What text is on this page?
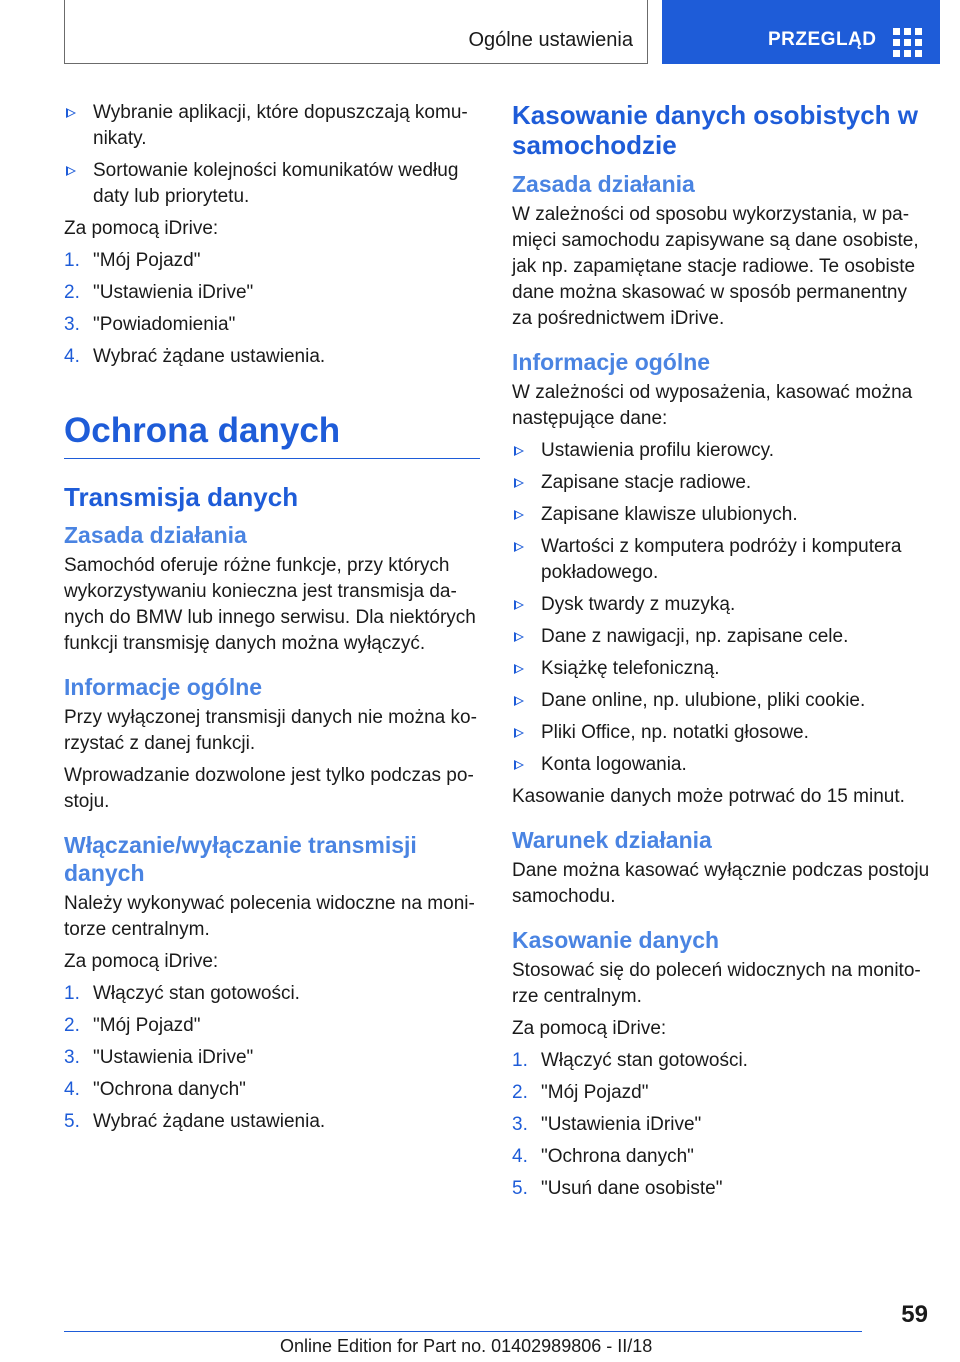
Ogólne ustawienia	PRZEGLĄD
Wybranie aplikacji, które dopuszczają komunikaty.
Sortowanie kolejności komunikatów według daty lub priorytetu.

Za pomocą iDrive:

1. "Mój Pojazd"
2. "Ustawienia iDrive"
3. "Powiadomienia"
4. Wybrać żądane ustawienia.
Ochrona danych
Transmisja danych
Zasada działania

Samochód oferuje różne funkcje, przy których wykorzystywaniu konieczna jest transmisja danych do BMW lub innego serwisu. Dla niektórych funkcji transmisję danych można wyłączyć.

Informacje ogólne

Przy wyłączonej transmisji danych nie można korzystać z danej funkcji.

Wprowadzanie dozwolone jest tylko podczas postoju.

Włączanie/wyłączanie transmisji danych

Należy wykonywać polecenia widoczne na monitorze centralnym.

Za pomocą iDrive:

1. Włączyć stan gotowości.
2. "Mój Pojazd"
3. "Ustawienia iDrive"
4. "Ochrona danych"
5. Wybrać żądane ustawienia.
Kasowanie danych osobistych w samochodzie
Zasada działania

W zależności od sposobu wykorzystania, w pamięci samochodu zapisywane są dane osobiste, jak np. zapamiętane stacje radiowe. Te osobiste dane można skasować w sposób permanentny za pośrednictwem iDrive.

Informacje ogólne

W zależności od wyposażenia, kasować można następujące dane:

Ustawienia profilu kierowcy.
Zapisane stacje radiowe.
Zapisane klawisze ulubionych.
Wartości z komputera podróży i komputera pokładowego.
Dysk twardy z muzyką.
Dane z nawigacji, np. zapisane cele.
Książkę telefoniczną.
Dane online, np. ulubione, pliki cookie.
Pliki Office, np. notatki głosowe.
Konta logowania.

Kasowanie danych może potrwać do 15 minut.

Warunek działania

Dane można kasować wyłącznie podczas postoju samochodu.

Kasowanie danych

Stosować się do poleceń widocznych na monitorze centralnym.

Za pomocą iDrive:

1. Włączyć stan gotowości.
2. "Mój Pojazd"
3. "Ustawienia iDrive"
4. "Ochrona danych"
5. "Usuń dane osobiste"
59
Online Edition for Part no. 01402989806 - II/18
